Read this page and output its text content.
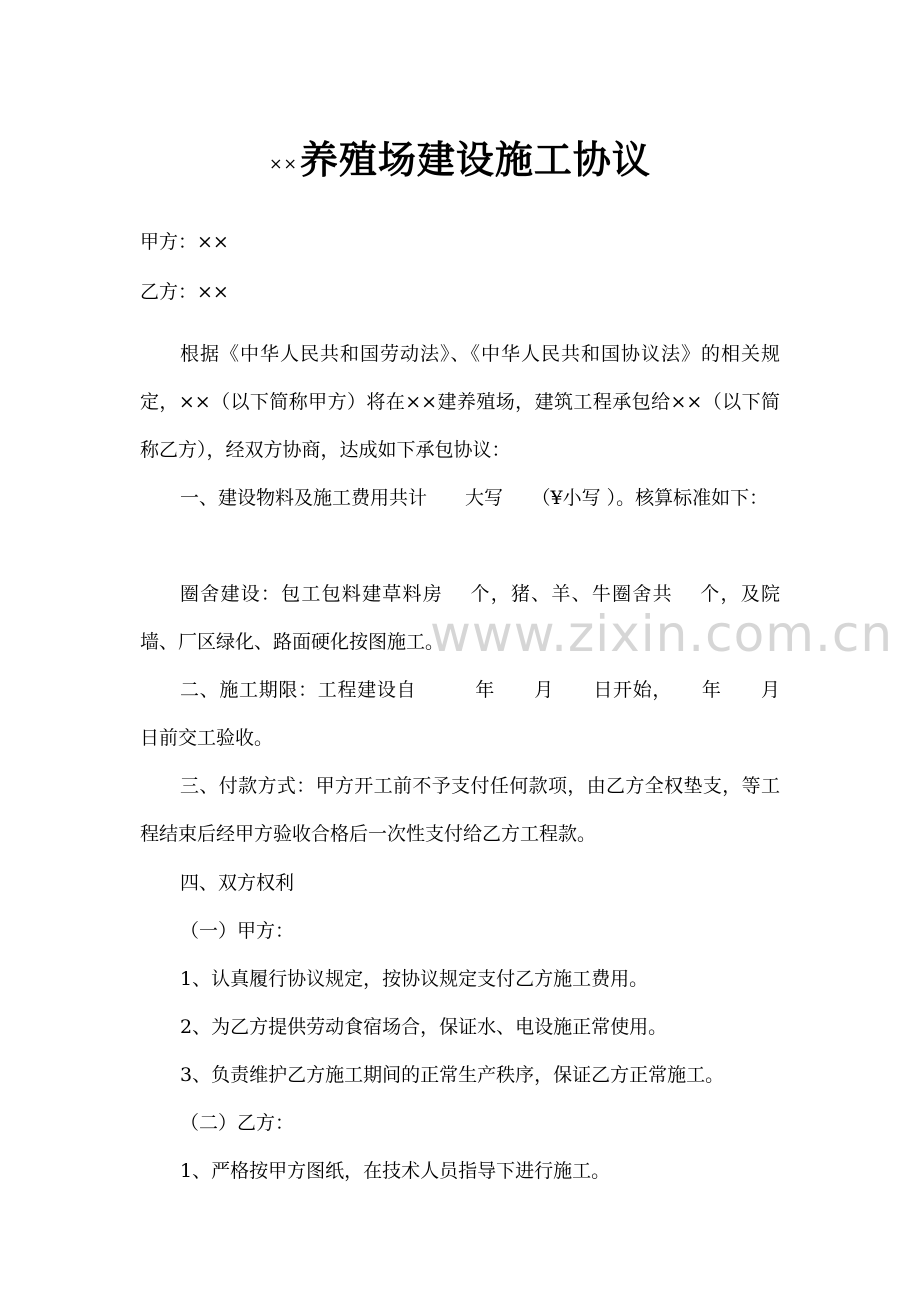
www.zixin.com.cn
××养殖场建设施工协议
甲方：××
乙方：××

根据《中华人民共和国劳动法》、《中华人民共和国协议法》的相关规定，××（以下简称甲方）将在××建养殖场，建筑工程承包给××（以下简称乙方），经双方协商，达成如下承包协议：

一、建设物料及施工费用共计　　大写　　（¥小写 ）。核算标准如下：

圈舍建设：包工包料建草料房　 个，猪、羊、牛圈舍共　 个，及院墙、厂区绿化、路面硬化按图施工。

二、施工期限：工程建设自　　　年　　月　　日开始，　　年　　月　　日前交工验收。

三、付款方式：甲方开工前不予支付任何款项，由乙方全权垫支，等工程结束后经甲方验收合格后一次性支付给乙方工程款。

四、双方权利
（一）甲方：
1、认真履行协议规定，按协议规定支付乙方施工费用。
2、为乙方提供劳动食宿场合，保证水、电设施正常使用。
3、负责维护乙方施工期间的正常生产秩序，保证乙方正常施工。
（二）乙方：
1、严格按甲方图纸，在技术人员指导下进行施工。
